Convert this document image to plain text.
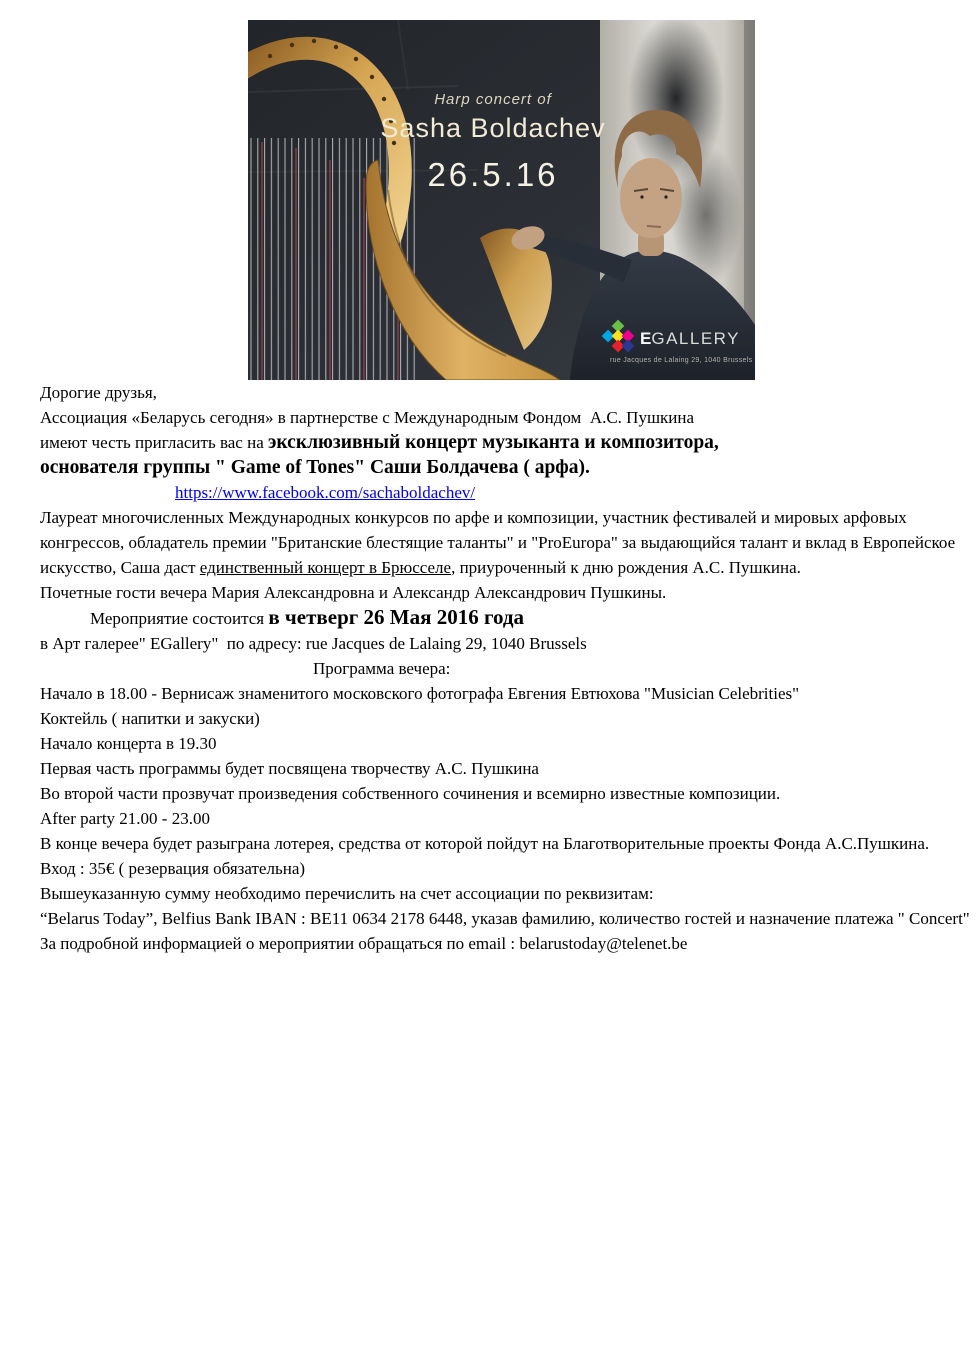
Harp concert of
Sasha Boldachev
26.5.16
EGALLERY
rue Jacques de Lalaing 29, 1040 Brussels

Дорогие друзья,

Ассоциация «Беларусь сегодня» в партнерстве с Международным Фондом  А.С. Пушкина
имеют честь пригласить вас на эксклюзивный концерт музыканта и композитора,
основателя группы " Game of Tones" Саши Болдачева ( арфа).

https://www.facebook.com/sachaboldachev/

Лауреат многочисленных Международных конкурсов по арфе и композиции, участник фестивалей и мировых арфовых конгрессов, обладатель премии "Британские блестящие таланты" и "ProEuropa" за выдающийся талант и вклад в Европейское искусство, Саша даст единственный концерт в Брюсселе, приуроченный к дню рождения А.С. Пушкина.

Почетные гости вечера Мария Александровна и Александр Александрович Пушкины.

Мероприятие состоится в четверг 26 Мая 2016 года

в Арт галерее" EGallery"  по адресу: rue Jacques de Lalaing 29, 1040 Brussels

Программа вечера:

Начало в 18.00 - Вернисаж знаменитого московского фотографа Евгения Евтюхова "Musician Celebrities"
Коктейль ( напитки и закуски)

Начало концерта в 19.30
Первая часть программы будет посвящена творчеству А.С. Пушкина
Во второй части прозвучат произведения собственного сочинения и всемирно известные композиции.

After party 21.00 - 23.00
В конце вечера будет разыграна лотерея, средства от которой пойдут на Благотворительные проекты Фонда А.С.Пушкина.

Вход : 35€ ( резервация обязательна)

Вышеуказанную сумму необходимо перечислить на счет ассоциации по реквизитам:
“Belarus Today”, Belfius Bank IBAN : BE11 0634 2178 6448, указав фамилию, количество гостей и назначение платежа " Concert"

За подробной информацией о мероприятии обращаться по email : belarustoday@telenet.be
